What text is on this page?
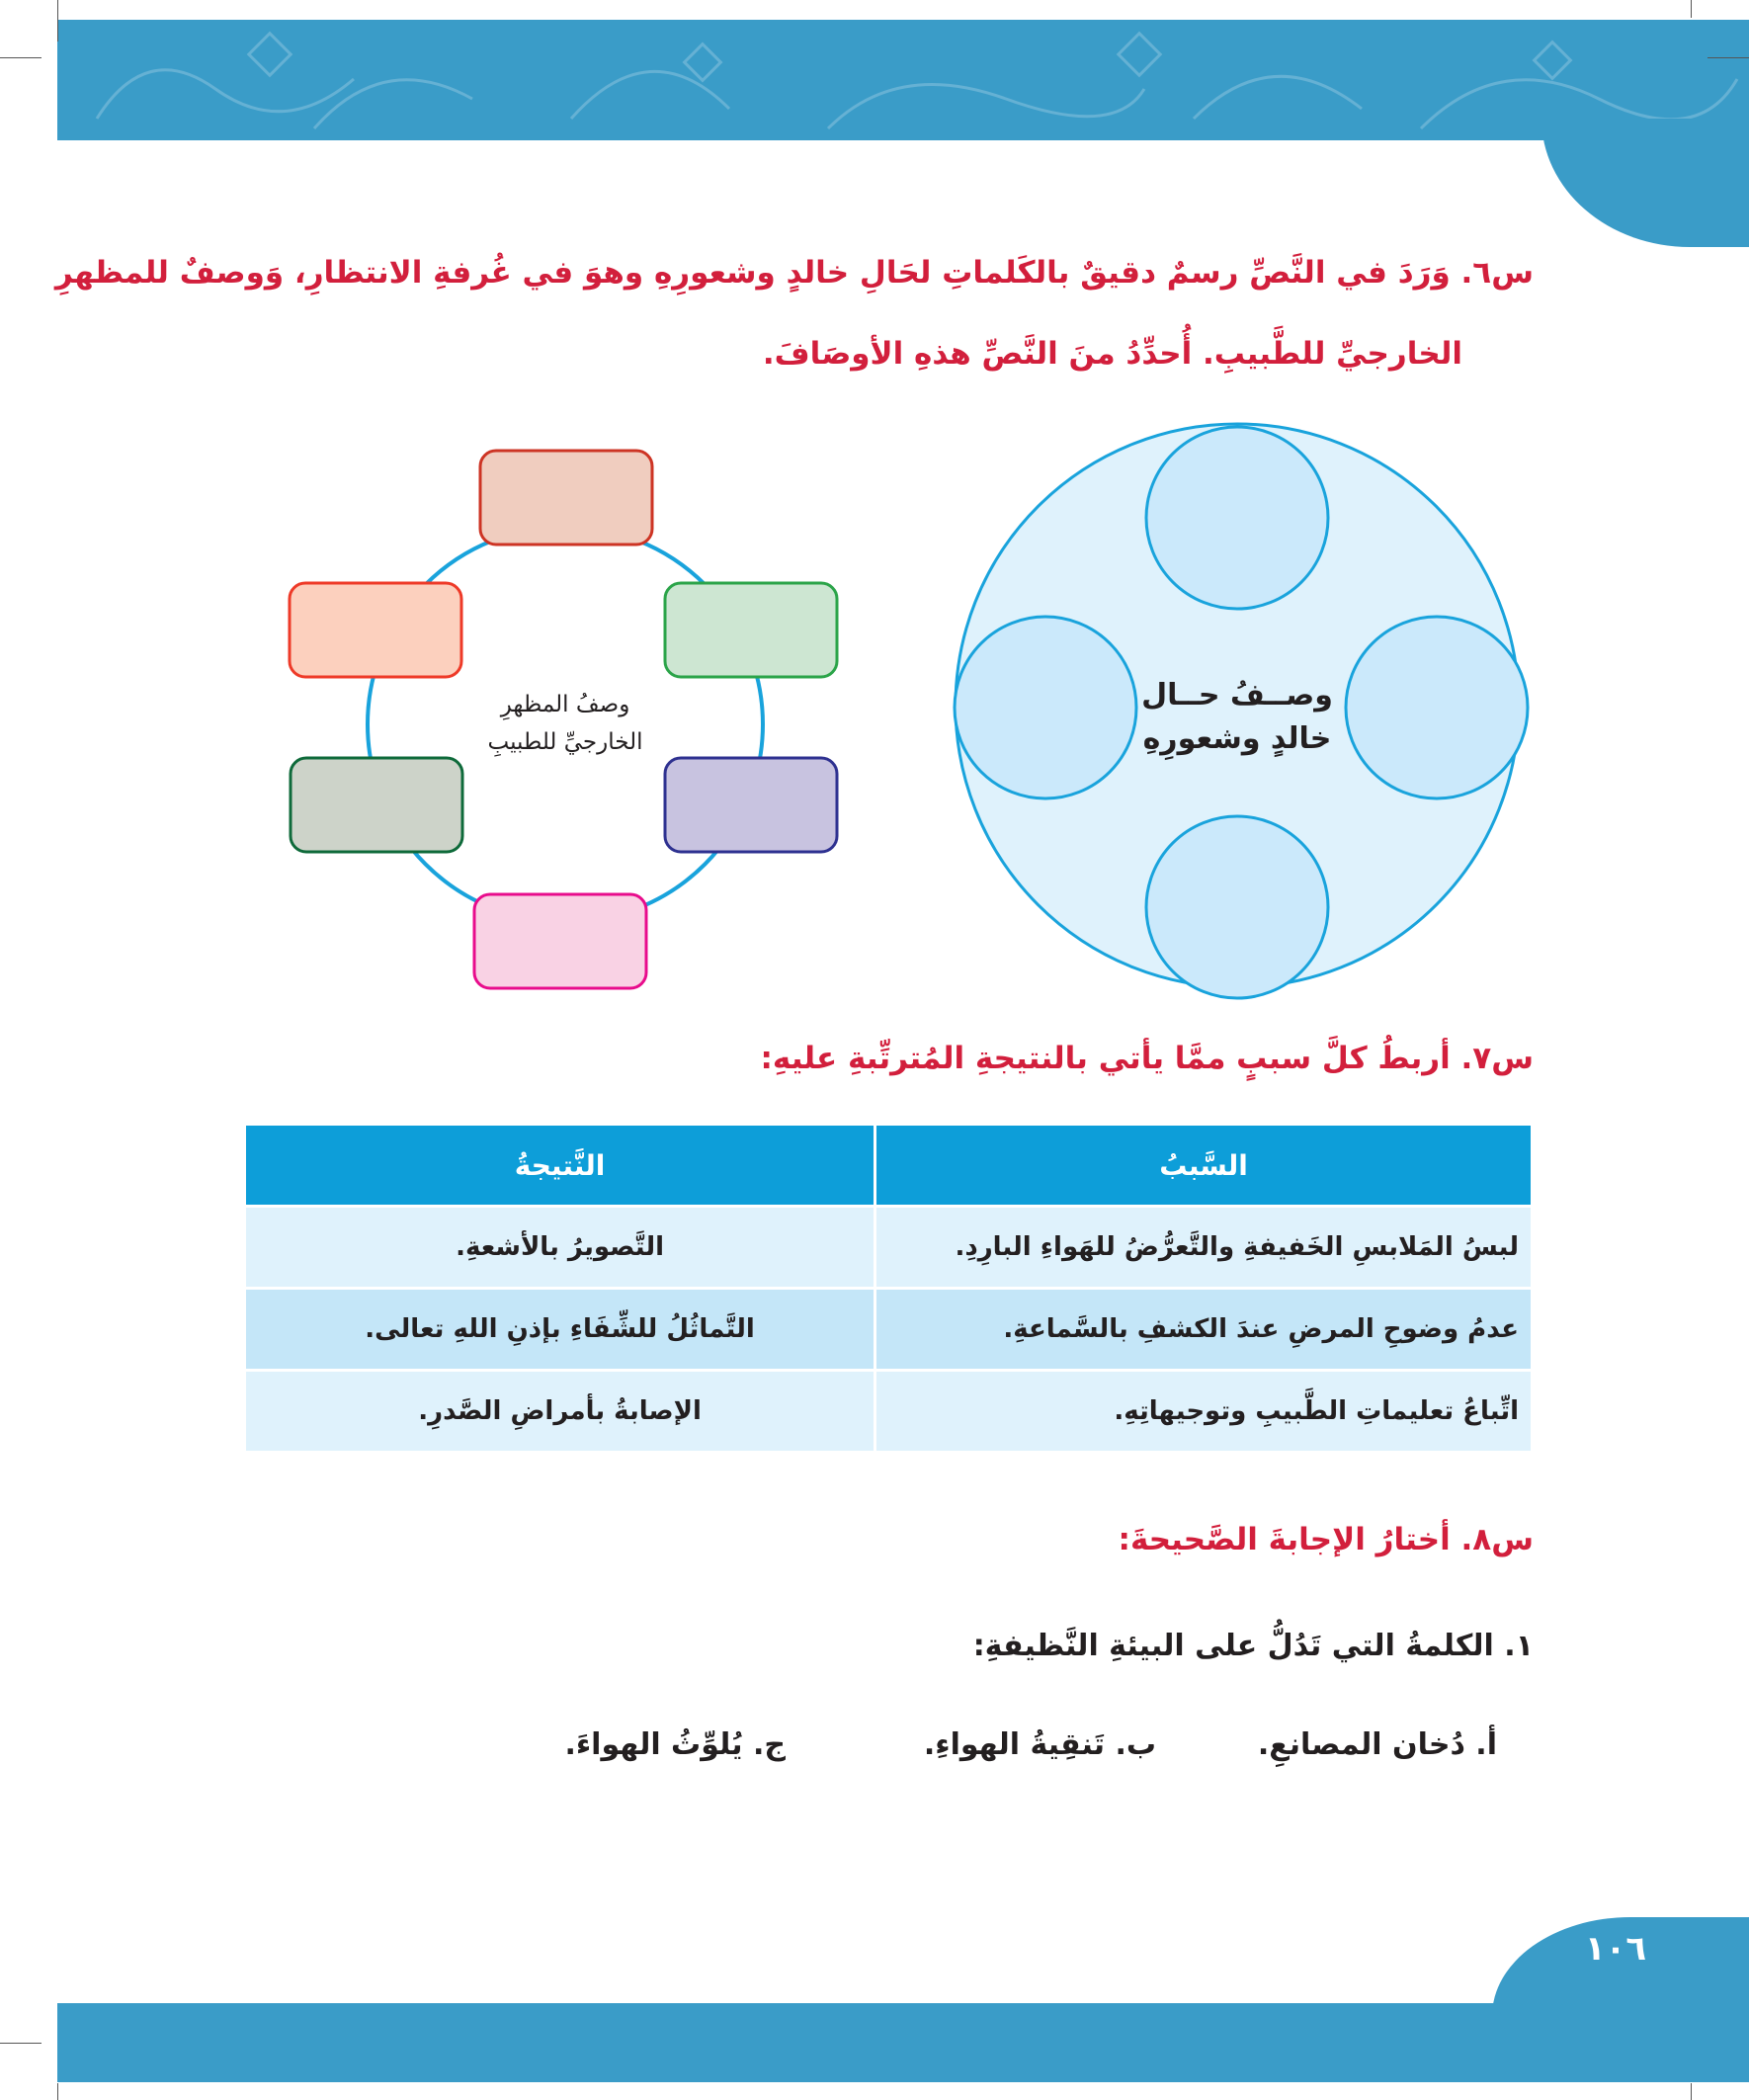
س٦. وَرَدَ في النَّصِّ رسمٌ دقيقٌ بالكَلماتِ لحَالِ خالدٍ وشعورِهِ وهوَ في غُرفةِ الانتظارِ، وَوصفٌ للمظهرِ
الخارجيِّ للطَّبيبِ. أُحدِّدُ منَ النَّصِّ هذهِ الأوصَافَ.
وصــفُ حــال
خالدٍ وشعورِهِ
وصفُ المظهرِ
الخارجيِّ للطبيبِ
س٧. أربطُ كلَّ سببٍ ممَّا يأتي بالنتيجةِ المُترتِّبةِ عليهِ:
السَّببُ	النَّتيجةُ
لبسُ المَلابسِ الخَفيفةِ والتَّعرُّضُ للهَواءِ البارِدِ.	التَّصويرُ بالأشعةِ.
عدمُ وضوحِ المرضِ عندَ الكشفِ بالسَّماعةِ.	التَّماثُلُ للشِّفَاءِ بإذنِ اللهِ تعالى.
اتِّباعُ تعليماتِ الطَّبيبِ وتوجيهاتِهِ.	الإصابةُ بأمراضِ الصَّدرِ.
س٨. أختارُ الإجابةَ الصَّحيحةَ:
١. الكلمةُ التي تَدُلُّ على البيئةِ النَّظيفةِ:
أ. دُخان المصانعِ.
ب. تَنقِيةُ الهواءِ.
ج. يُلوِّثُ الهواءَ.
١٠٦
